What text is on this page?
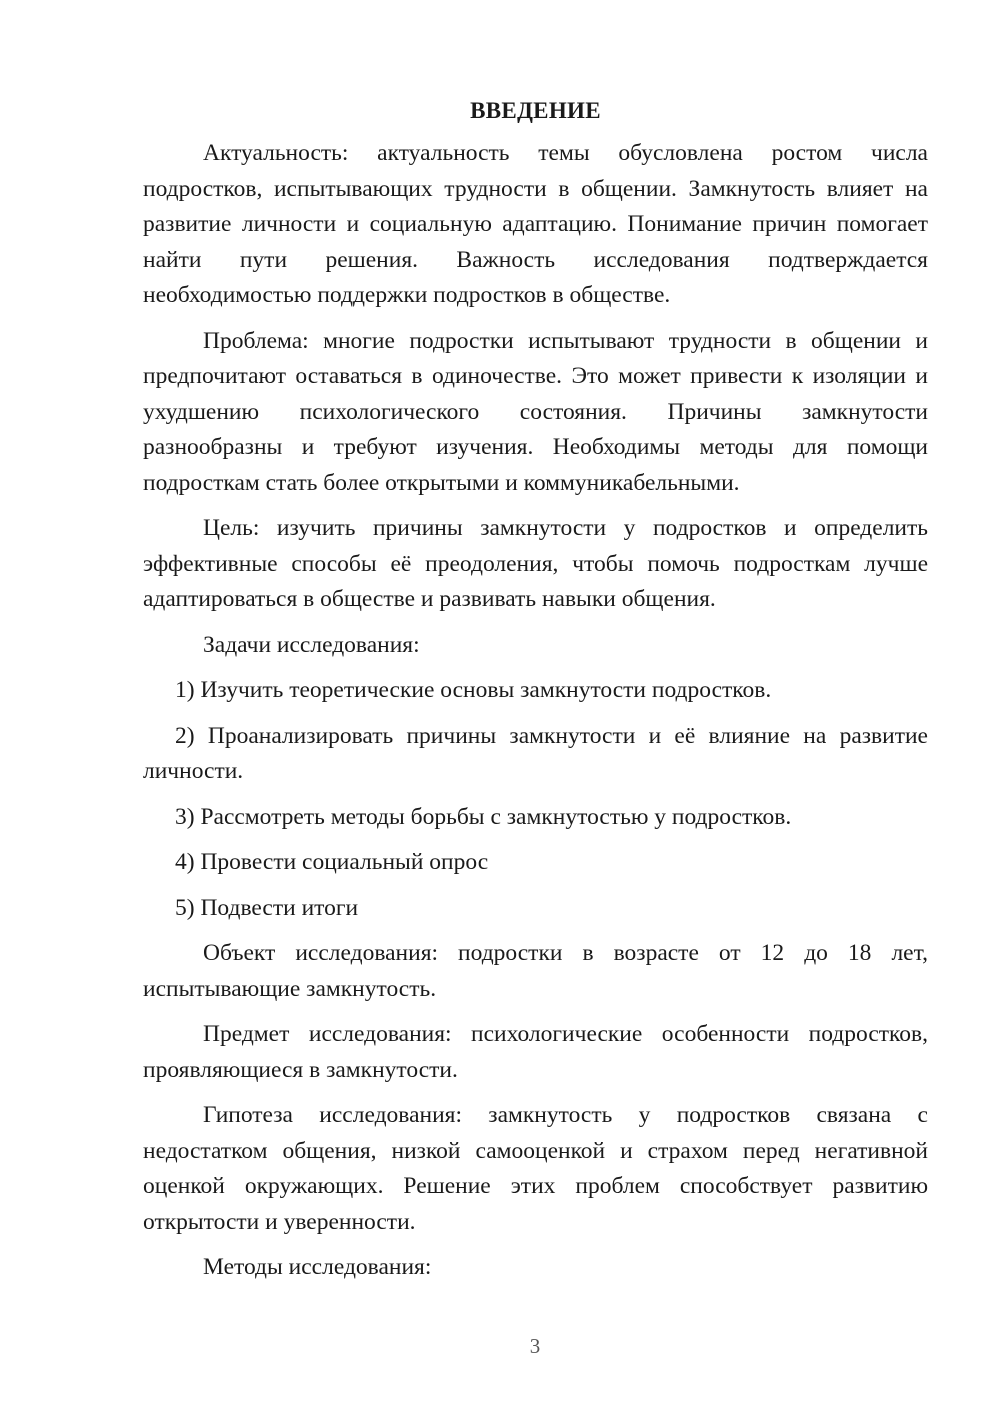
ВВЕДЕНИЕ

Актуальность: актуальность темы обусловлена ростом числа подростков, испытывающих трудности в общении. Замкнутость влияет на развитие личности и социальную адаптацию. Понимание причин помогает найти пути решения. Важность исследования подтверждается необходимостью поддержки подростков в обществе.

Проблема: многие подростки испытывают трудности в общении и предпочитают оставаться в одиночестве. Это может привести к изоляции и ухудшению психологического состояния. Причины замкнутости разнообразны и требуют изучения. Необходимы методы для помощи подросткам стать более открытыми и коммуникабельными.

Цель: изучить причины замкнутости у подростков и определить эффективные способы её преодоления, чтобы помочь подросткам лучше адаптироваться в обществе и развивать навыки общения.

Задачи исследования:

1) Изучить теоретические основы замкнутости подростков.

2) Проанализировать причины замкнутости и её влияние на развитие личности.

3) Рассмотреть методы борьбы с замкнутостью у подростков.

4) Провести социальный опрос

5) Подвести итоги

Объект исследования: подростки в возрасте от 12 до 18 лет, испытывающие замкнутость.

Предмет исследования: психологические особенности подростков, проявляющиеся в замкнутости.

Гипотеза исследования: замкнутость у подростков связана с недостатком общения, низкой самооценкой и страхом перед негативной оценкой окружающих. Решение этих проблем способствует развитию открытости и уверенности.

Методы исследования:

3
